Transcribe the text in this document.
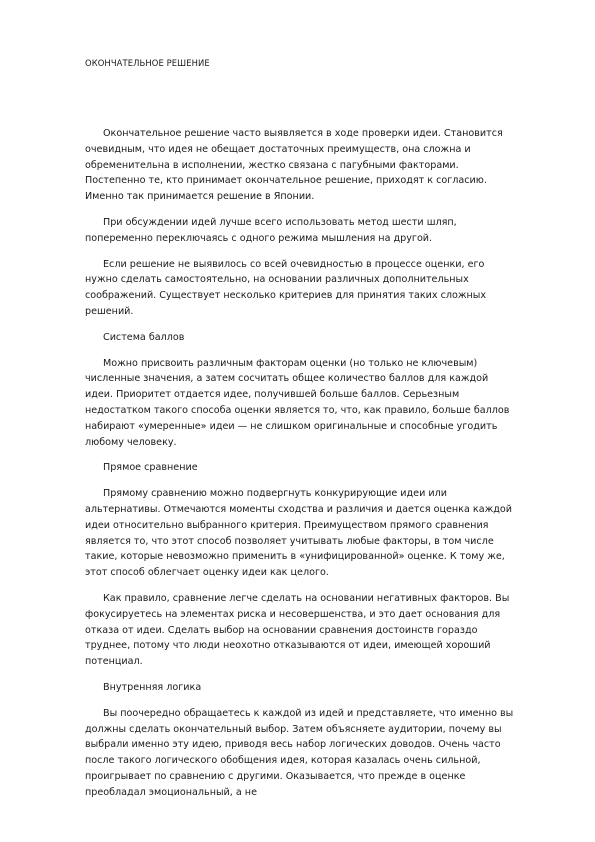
ОКОНЧАТЕЛЬНОЕ РЕШЕНИЕ

Окончательное решение часто выявляется в ходе проверки идеи. Становится очевидным, что идея не обещает достаточных преимуществ, она сложна и обременительна в исполнении, жестко связана с пагубными факторами. Постепенно те, кто принимает окончательное решение, приходят к согласию. Именно так принимается решение в Японии.

При обсуждении идей лучше всего использовать метод шести шляп, попеременно переключаясь с одного режима мышления на другой.

Если решение не выявилось со всей очевидностью в процессе оценки, его нужно сделать самостоятельно, на основании различных дополнительных соображений. Существует несколько критериев для принятия таких сложных решений.

Система баллов

Можно присвоить различным факторам оценки (но только не ключевым) численные значения, а затем сосчитать общее количество баллов для каждой идеи. Приоритет отдается идее, получившей больше баллов. Серьезным недостатком такого способа оценки является то, что, как правило, больше баллов набирают «умеренные» идеи — не слишком оригинальные и способные угодить любому человеку.

Прямое сравнение

Прямому сравнению можно подвергнуть конкурирующие идеи или альтернативы. Отмечаются моменты сходства и различия и дается оценка каждой идеи относительно выбранного критерия. Преимуществом прямого сравнения является то, что этот способ позволяет учитывать любые факторы, в том числе такие, которые невозможно применить в «унифицированной» оценке. К тому же, этот способ облегчает оценку идеи как целого.

Как правило, сравнение легче сделать на основании негативных факторов. Вы фокусируетесь на элементах риска и несовершенства, и это дает основания для отказа от идеи. Сделать выбор на основании сравнения достоинств гораздо труднее, потому что люди неохотно отказываются от идеи, имеющей хороший потенциал.

Внутренняя логика

Вы поочередно обращаетесь к каждой из идей и представляете, что именно вы должны сделать окончательный выбор. Затем объясняете аудитории, почему вы выбрали именно эту идею, приводя весь набор логических доводов. Очень часто после такого логического обобщения идея, которая казалась очень сильной, проигрывает по сравнению с другими. Оказывается, что прежде в оценке преобладал эмоциональный, а не
